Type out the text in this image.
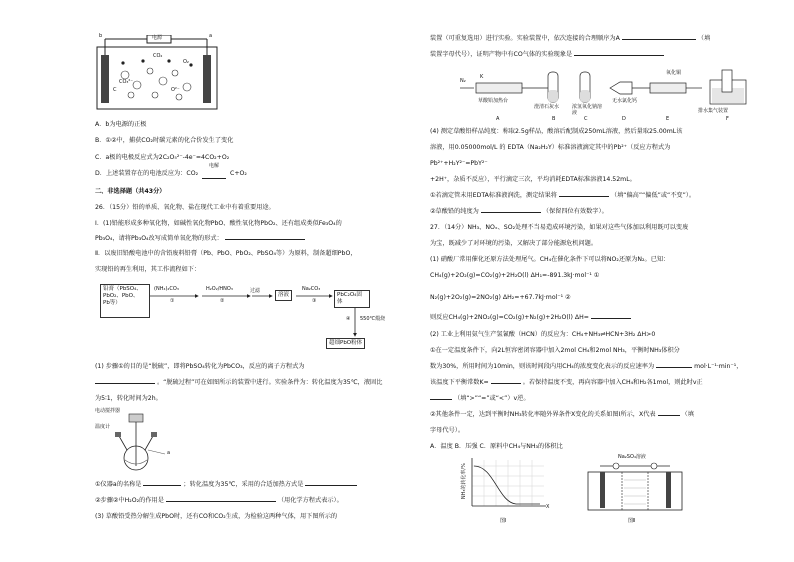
电源	a
b
CO₃²⁻
CO₂
O₂
C	O²⁻
A．b为电源的正极
B．①②中，捕获CO₂时碳元素的化合价发生了变化
C．a极的电极反应式为2C₂O₅²⁻-4e⁻=4CO₂+O₂
D．上述装置存在的电池反应为：CO₂
电解
C+O₂
二、非选择题（共43分）
26．（15分）铅的单质、氧化物、盐在现代工业中有着重要用途。
Ⅰ．(1)铅能形成多种氧化物，如碱性氧化物PbO、酸性氧化物PbO₂、还有组成类似Fe₃O₄的
Pb₃O₄，请将Pb₃O₄改写成简单氧化物的形式：
Ⅱ．以废旧铅酸电池中的含铅废料铅膏（Pb、PbO、PbO₂、PbSO₄等）为原料，制备超细PbO，
实现铅的再生利用，其工作流程如下：
铅膏（PbSO₄、
PbO₂、PbO、
Pb等）
(NH₄)₂CO₃
①
H₂O₂/HNO₃
②
过滤
溶液
Na₂CO₃
③
PbC₂O₄固体
④ 550℃煅烧
超细PbO粉体
(1) 步骤①的目的是“脱硫”，即将PbSO₄转化为PbCO₃，反应的离子方程式为
。“脱硫过程”可在如图所示的装置中进行。实验条件为：转化温度为35℃，液固比
为5∶1，转化时间为2h。
电动搅拌器
温度计
a
①仪器a的名称是	；转化温度为35℃，采用的合适加热方式是
②步骤②中H₂O₂的作用是	（用化学方程式表示）。
(3) 草酸铅受热分解生成PbO时，还有CO和CO₂生成，为检验这两种气体，用下图所示的
装置（可重复选用）进行实验。实验装置中，依次连接的合理顺序为A	（填
装置字母代号），证明产物中有CO气体的实验现象是
N₂
K
草酸铅加热台
澄清石灰水	浓氢氧化钠溶液
无水氯化钙
氧化铜
排水集气装置
A	B	C	D	E	F
(4) 测定草酸铅样品纯度：称取2.5g样品，酸溶后配制成250mL溶液，然后量取25.00mL该
溶液，用0.05000mol/L 的 EDTA（Na₂H₂Y）标准溶液滴定其中的Pb²⁺（反应方程式为
Pb²⁺+H₂Y²⁻=PbY²⁻
+2H⁺，杂质不反应），平行滴定三次，平均消耗EDTA标准溶液14.52mL。
①若滴定管未用EDTA标准液润洗，测定结果将	（填“偏高”“偏低”或“不变”）。
②草酸铅的纯度为	（保留四位有效数字）。
27．（14分）NH₃、NOₓ、SO₂处理不当易造成环境污染，如果对这些气体加以利用既可以变废
为宝，既减少了对环境的污染，又解决了部分能源危机问题。
(1) 硝酸厂常用催化还原方法处理尾气。CH₄在催化条件下可以将NO₂还原为N₂。已知：
CH₄(g)+2O₂(g)=CO₂(g)+2H₂O(l) ΔH₁=-891.3kJ·mol⁻¹ ①
N₂(g)+2O₂(g)=2NO₂(g) ΔH₂=+67.7kJ·mol⁻¹ ②
则反应CH₄(g)+2NO₂(g)=CO₂(g)+N₂(g)+2H₂O(l) ΔH=
(2) 工业上利用氨气生产氢氰酸（HCN）的反应为：CH₄+NH₃⇌HCN+3H₂ ΔH>0
①在一定温度条件下，向2L恒容密闭容器中加入2mol CH₄和2mol NH₃，平衡时NH₃体积分
数为30%，所用时间为10min，则该时间段内用CH₄的浓度变化表示的反应速率为	mol·L⁻¹·min⁻¹，
该温度下平衡常数K=	。若保持温度不变，再向容器中加入CH₄和H₂各1mol，则此时v正
（填“>”“=”或“<”）v逆。
②其他条件一定，达到平衡时NH₃转化率随外界条件X变化的关系如图Ⅰ所示，X代表	（填
字母代号）。
A．温度 B．压强 C．原料中CH₄与NH₃的体积比
NH₃的转化率/%
X
图Ⅰ
Na₂SO₄溶液
图Ⅱ
